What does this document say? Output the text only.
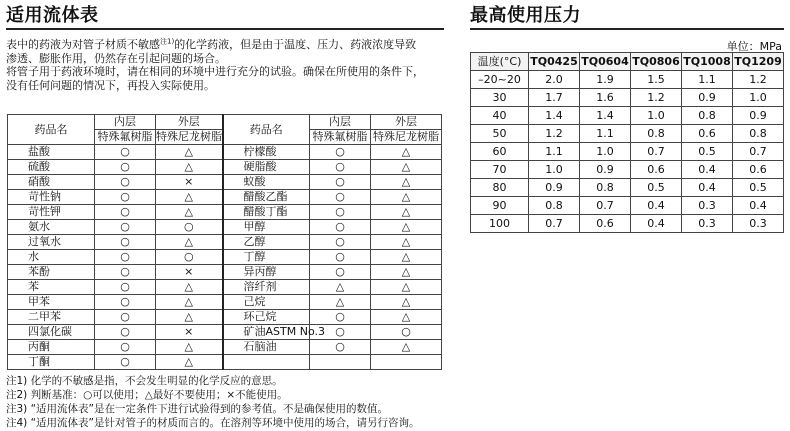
适用流体表

表中的药液为对管子材质不敏感$^{注1)}$的化学药液，但是由于温度、压力、药液浓度导致

渗透、膨胀作用，仍然存在引起问题的场合。

将管子用于药液环境时，请在相同的环境中进行充分的试验。确保在所使用的条件下，

没有任何问题的情况下，再投入实际使用。

药品名	内层	外层	药品名	内层	外层
	特殊氟树脂	特殊尼龙树脂		特殊氟树脂	特殊尼龙树脂
盐酸	○	△	柠檬酸	○	△
硫酸	○	△	硬脂酸	○	△
硝酸	○	×	蚁酸	○	△
苛性钠	○	△	醋酸乙酯	○	△
苛性钾	○	△	醋酸丁酯	○	△
氨水	○	○	甲醇	○	△
过氧水	○	△	乙醇	○	△
水	○	○	丁醇	○	△
苯酚	○	×	异丙醇	○	△
苯	○	△	溶纤剂	△	△
甲苯	○	△	己烷	△	△
二甲苯	○	△	环己烷	○	△
四氯化碳	○	×	矿油ASTM No.3	○	○
丙酮	○	△	石脑油	○	△
丁酮	○	△			
注1) 化学的不敏感是指，不会发生明显的化学反应的意思。
注2) 判断基准：○可以使用；△最好不要使用；×不能使用。
注3) “适用流体表”是在一定条件下进行试验得到的参考值。不是确保使用的数值。
注4) “适用流体表”是针对管子的材质而言的。在溶剂等环境中使用的场合，请另行咨询。
最高使用压力
单位：MPa
温度(°C)	TQ0425	TQ0604	TQ0806	TQ1008	TQ1209
–20~20	2.0	1.9	1.5	1.1	1.2
30	1.7	1.6	1.2	0.9	1.0
40	1.4	1.4	1.0	0.8	0.9
50	1.2	1.1	0.8	0.6	0.8
60	1.1	1.0	0.7	0.5	0.7
70	1.0	0.9	0.6	0.4	0.6
80	0.9	0.8	0.5	0.4	0.5
90	0.8	0.7	0.4	0.3	0.4
100	0.7	0.6	0.4	0.3	0.3
